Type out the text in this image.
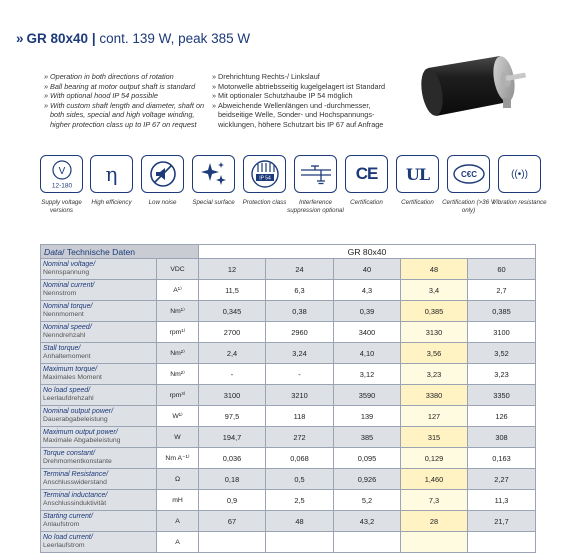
» GR 80x40 | cont. 139 W, peak 385 W
» Operation in both directions of rotation
» Ball bearing at motor output shaft is standard
» With optional hood IP 54 possible
» With custom shaft length and diameter, shaft on both sides, special and high voltage winding, higher protection class up to IP 67 on request
» Drehrichtung Rechts-/ Linkslauf
» Motorwelle abtriebsseitig kugelgelagert ist Standard
» Mit optionaler Schutzhaube IP 54 möglich
» Abweichende Wellenlängen und -durchmesser, beidseitige Welle, Sonder- und Hochspannungswicklungen, höhere Schutzart bis IP 67 auf Anfrage
V
12-180
Supply voltage versions
η
High efficiency	Low noise	Special surface
IP 54
Protection class	Interference suppression optional
CE
Certification
UL
Certification
C€C
Certification (>36 V only)
((•))
Vibration resistance
Data/ Technische Daten		GR 80x40				

Nominal voltage/
Nennspannung	VDC	12	24	40	48	60

Nominal current/
Nennstrom	A¹⁾	11,5	6,3	4,3	3,4	2,7

Nominal torque/
Nennmoment	Nm¹⁾	0,345	0,38	0,39	0,385	0,385

Nominal speed/
Nenndrehzahl	rpm¹⁾	2700	2960	3400	3130	3100

Stall torque/
Anhaltemoment	Nm²⁾	2,4	3,24	4,10	3,56	3,52

Maximum torque/
Maximales Moment	Nm²⁾	-	-	3,12	3,23	3,23

No load speed/
Leerlaufdrehzahl	rpm³⁾	3100	3210	3590	3380	3350

Nominal output power/
Dauerabgabeleistung	W¹⁾	97,5	118	139	127	126

Maximum output power/
Maximale Abgabeleistung	W	194,7	272	385	315	308

Torque constant/
Drehmomentkonstante	Nm A⁻¹⁾	0,036	0,068	0,095	0,129	0,163

Terminal Resistance/
Anschlusswiderstand	Ω	0,18	0,5	0,926	1,460	2,27

Terminal inductance/
Anschlussinduktivität	mH	0,9	2,5	5,2	7,3	11,3

Starting current/
Anlaufstrom	A	67	48	43,2	28	21,7

No load current/
Leerlaufstrom	A					
